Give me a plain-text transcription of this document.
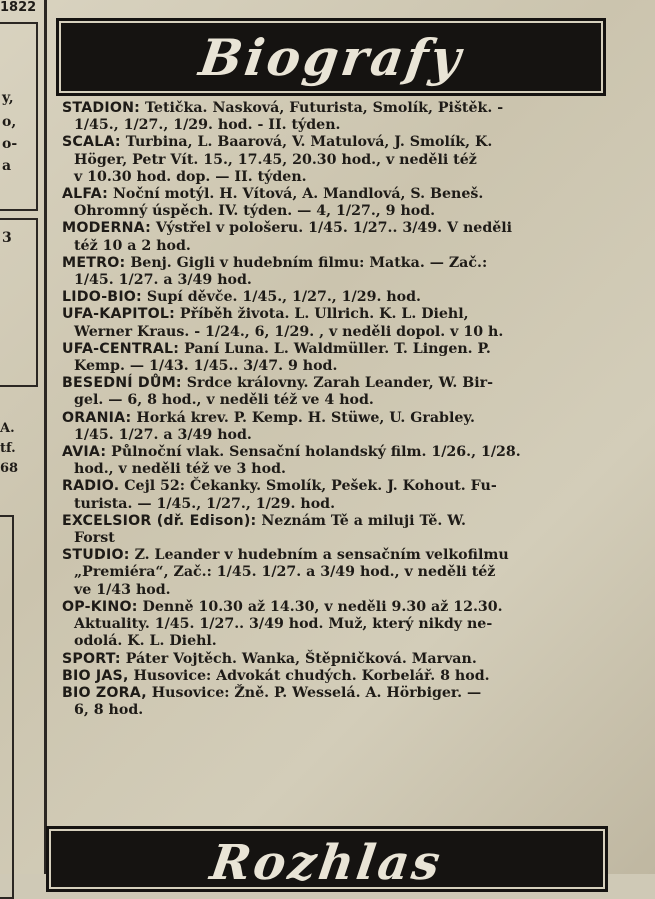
1822
y,
o,
o-
a
3
A.
tf.
68
Biografy
STADION: Tetička. Nasková, Futurista, Smolík, Pištěk. -
1/45., 1/27., 1/29. hod. - II. týden.
SCALA: Turbina, L. Baarová, V. Matulová, J. Smolík, K.
Höger, Petr Vít. 15., 17.45, 20.30 hod., v neděli též
v 10.30 hod. dop. — II. týden.
ALFA: Noční motýl. H. Vítová, A. Mandlová, S. Beneš.
Ohromný úspěch. IV. týden. — 4, 1/27., 9 hod.
MODERNA: Výstřel v pološeru. 1/45. 1/27.. 3/49. V neděli
též 10 a 2 hod.
METRO: Benj. Gigli v hudebním filmu: Matka. — Zač.:
1/45. 1/27. a 3/49 hod.
LIDO-BIO: Supí děvče. 1/45., 1/27., 1/29. hod.
UFA-KAPITOL: Příběh života. L. Ullrich. K. L. Diehl,
Werner Kraus. - 1/24., 6, 1/29. , v neděli dopol. v 10 h.
UFA-CENTRAL: Paní Luna. L. Waldmüller. T. Lingen. P.
Kemp. — 1/43. 1/45.. 3/47. 9 hod.
BESEDNÍ DŮM: Srdce královny. Zarah Leander, W. Bir-
gel. — 6, 8 hod., v neděli též ve 4 hod.
ORANIA: Horká krev. P. Kemp. H. Stüwe, U. Grabley.
1/45. 1/27. a 3/49 hod.
AVIA: Půlnoční vlak. Sensační holandský film. 1/26., 1/28.
hod., v neděli též ve 3 hod.
RADIO. Cejl 52: Čekanky. Smolík, Pešek. J. Kohout. Fu-
turista. — 1/45., 1/27., 1/29. hod.
EXCELSIOR (dř. Edison): Neznám Tě a miluji Tě. W.
Forst
STUDIO: Z. Leander v hudebním a sensačním velkofilmu
„Premiéra“, Zač.: 1/45. 1/27. a 3/49 hod., v neděli též
ve 1/43 hod.
OP-KINO: Denně 10.30 až 14.30, v neděli 9.30 až 12.30.
Aktuality. 1/45. 1/27.. 3/49 hod. Muž, který nikdy ne-
odolá. K. L. Diehl.
SPORT: Páter Vojtěch. Wanka, Štěpničková. Marvan.
BIO JAS, Husovice: Advokát chudých. Korbelář. 8 hod.
BIO ZORA, Husovice: Žně. P. Wesselá. A. Hörbiger. —
6, 8 hod.
Rozhlas
